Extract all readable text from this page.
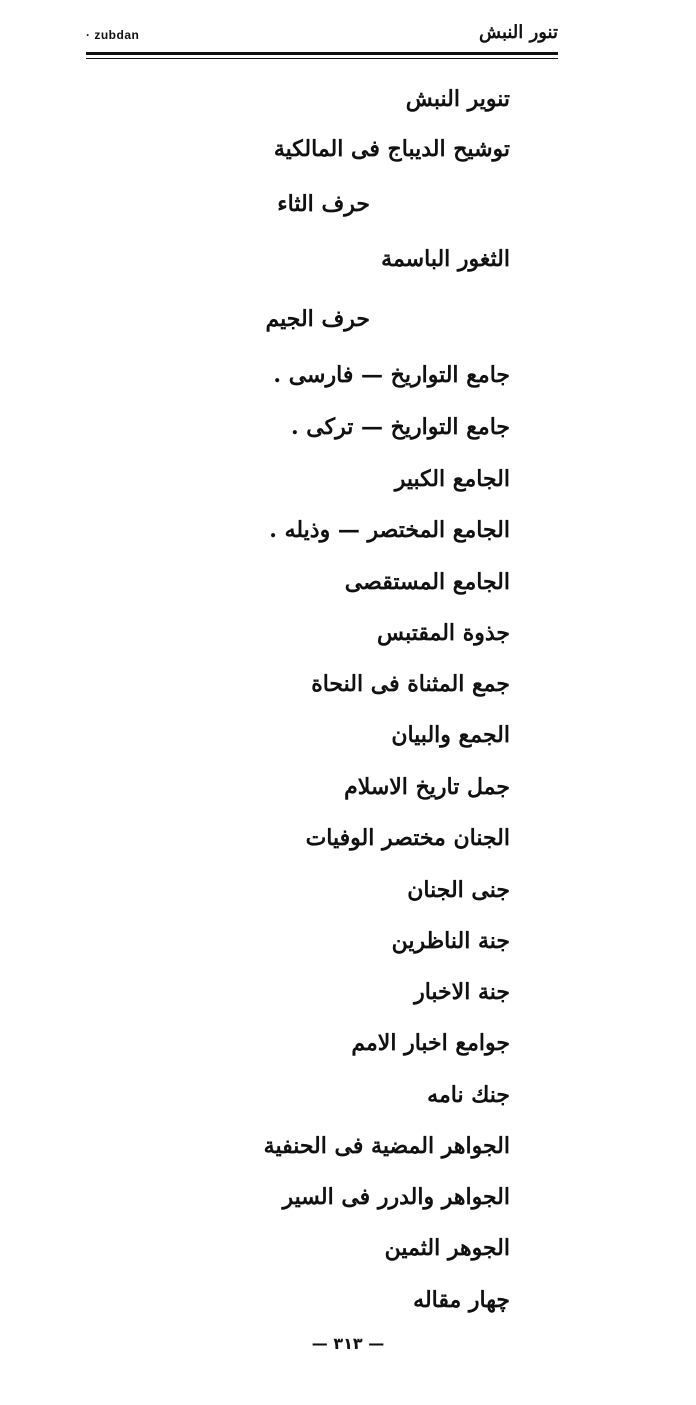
· zubdan	تنور النبش
تنوير النبش
توشيح الديباج فى المالكية
حرف الثاء
الثغور الباسمة
حرف الجيم
جامع التواريخ — فارسى .
جامع التواريخ — تركى .
الجامع الكبير
الجامع المختصر — وذيله .
الجامع المستقصى
جذوة المقتبس
جمع المثناة فى النحاة
الجمع والبيان
جمل تاريخ الاسلام
الجنان مختصر الوفيات
جنى الجنان
جنة الناظرين
جنة الاخبار
جوامع اخبار الامم
جنك نامه
الجواهر المضية فى الحنفية
الجواهر والدرر فى السير
الجوهر الثمين
چهار مقاله
— ٣١٣ —
